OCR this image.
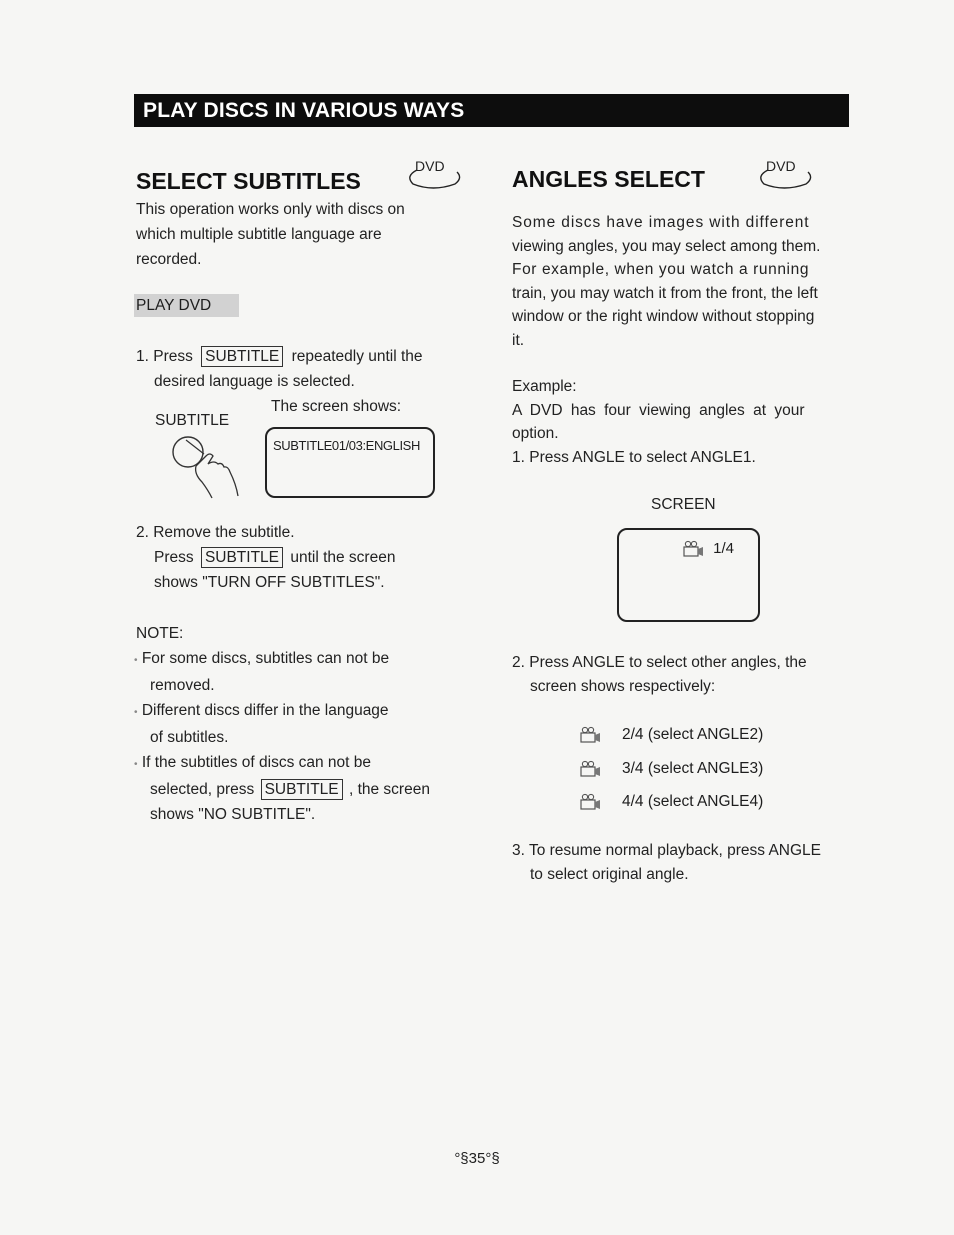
PLAY DISCS IN VARIOUS WAYS
SELECT SUBTITLES
DVD
This operation works only with discs on
which multiple subtitle language are
recorded.
PLAY DVD
1. Press SUBTITLE repeatedly until the
desired language is selected.
The screen shows:
SUBTITLE
SUBTITLE01/03:ENGLISH
2. Remove the subtitle.
Press SUBTITLE until the screen
shows "TURN OFF SUBTITLES".
NOTE:
• For some discs, subtitles can not be
removed.
• Different discs differ in the language
of subtitles.
• If the subtitles of discs can not be
selected, press SUBTITLE , the screen
shows "NO SUBTITLE".
ANGLES SELECT	DVD
Some discs have images with different
viewing angles, you may select among them.
For example, when you watch a running
train, you may watch it from the front, the left
window or the right window without stopping
it.
Example:
A DVD has four viewing angles at your
option.
1. Press ANGLE to select ANGLE1.
SCREEN
1/4
2. Press ANGLE to select other angles, the
screen shows respectively:
2/4 (select ANGLE2)
3/4 (select ANGLE3)
4/4 (select ANGLE4)
3. To resume normal playback, press ANGLE
to select original angle.
°§35°§
